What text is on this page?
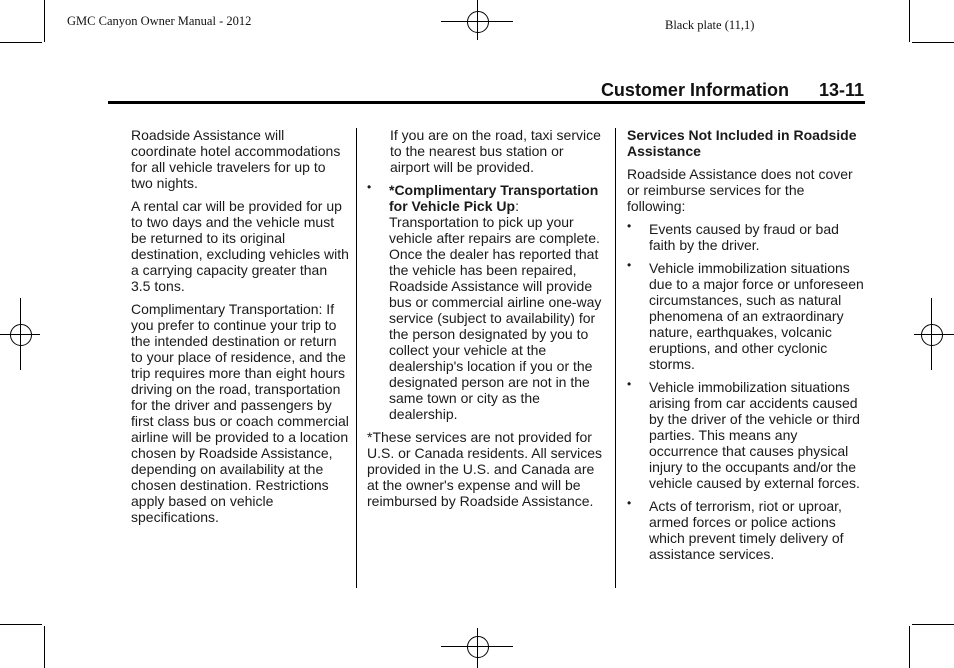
GMC Canyon Owner Manual - 2012	Black plate (11,1)
Customer Information 13-11

Roadside Assistance will coordinate hotel accommodations for all vehicle travelers for up to two nights.

A rental car will be provided for up to two days and the vehicle must be returned to its original destination, excluding vehicles with a carrying capacity greater than 3.5 tons.

Complimentary Transportation: If you prefer to continue your trip to the intended destination or return to your place of residence, and the trip requires more than eight hours driving on the road, transportation for the driver and passengers by first class bus or coach commercial airline will be provided to a location chosen by Roadside Assistance, depending on availability at the chosen destination. Restrictions apply based on vehicle specifications.

If you are on the road, taxi service to the nearest bus station or airport will be provided.

• *Complimentary Transportation for Vehicle Pick Up: Transportation to pick up your vehicle after repairs are complete. Once the dealer has reported that the vehicle has been repaired, Roadside Assistance will provide bus or commercial airline one-way service (subject to availability) for the person designated by you to collect your vehicle at the dealership's location if you or the designated person are not in the same town or city as the dealership.

*These services are not provided for U.S. or Canada residents. All services provided in the U.S. and Canada are at the owner's expense and will be reimbursed by Roadside Assistance.

Services Not Included in Roadside Assistance

Roadside Assistance does not cover or reimburse services for the following:

• Events caused by fraud or bad faith by the driver.
• Vehicle immobilization situations due to a major force or unforeseen circumstances, such as natural phenomena of an extraordinary nature, earthquakes, volcanic eruptions, and other cyclonic storms.
• Vehicle immobilization situations arising from car accidents caused by the driver of the vehicle or third parties. This means any occurrence that causes physical injury to the occupants and/or the vehicle caused by external forces.
• Acts of terrorism, riot or uproar, armed forces or police actions which prevent timely delivery of assistance services.
